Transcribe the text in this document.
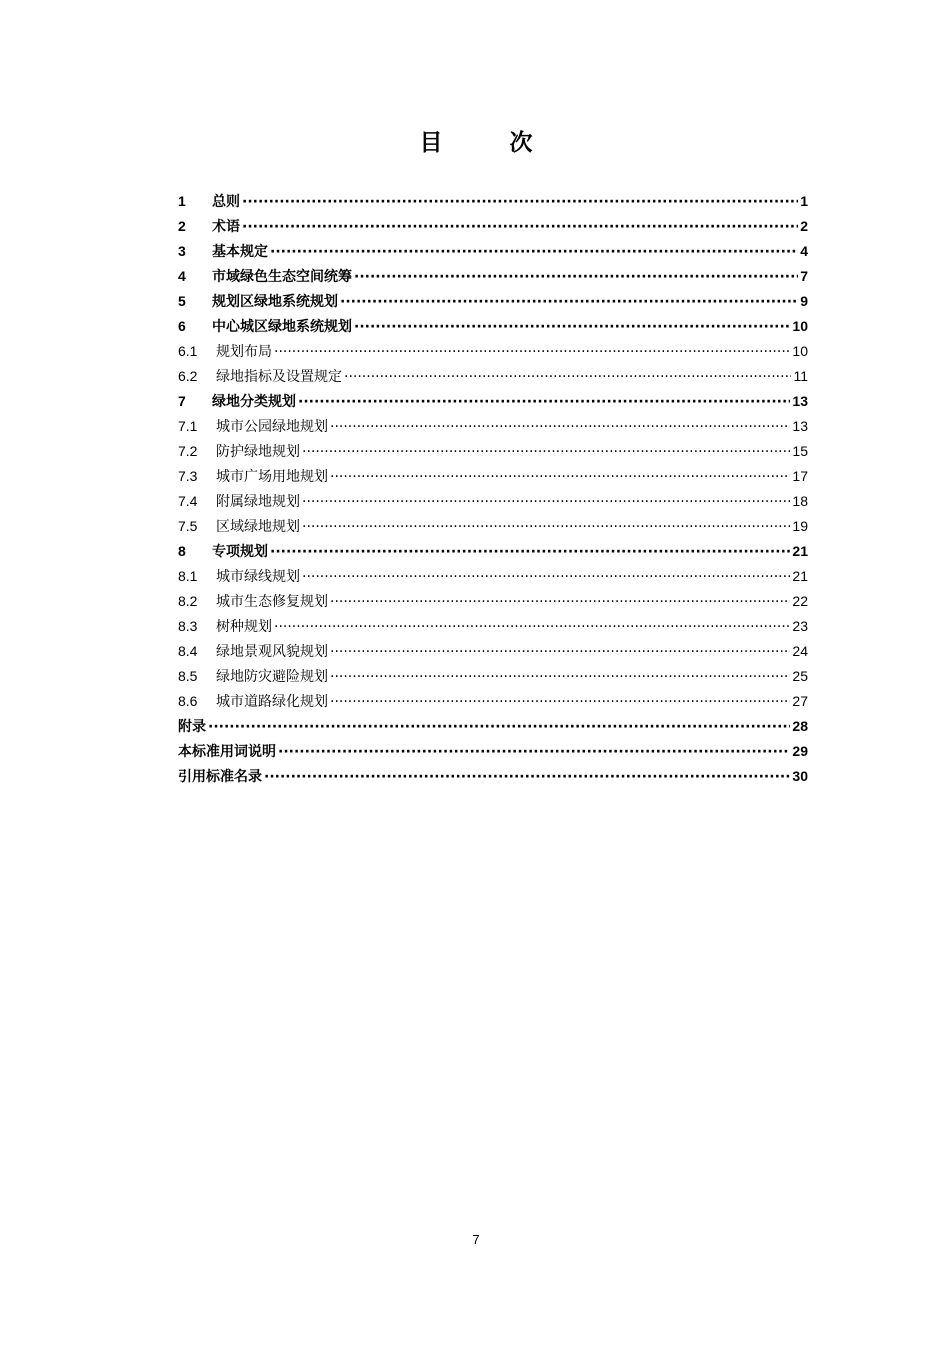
目　次
1	总则 ·····	1
2	术语 ·····	2
3	基本规定 ·····	4
4	市域绿色生态空间统筹 ·····	7
5	规划区绿地系统规划 ·····	9
6	中心城区绿地系统规划 ·····	10
6.1	规划布局 ·····	10
6.2	绿地指标及设置规定 ·····	11
7	绿地分类规划 ·····	13
7.1	城市公园绿地规划 ·····	13
7.2	防护绿地规划 ·····	15
7.3	城市广场用地规划 ·····	17
7.4	附属绿地规划 ·····	18
7.5	区域绿地规划 ·····	19
8	专项规划 ·····	21
8.1	城市绿线规划 ·····	21
8.2	城市生态修复规划 ·····	22
8.3	树种规划 ·····	23
8.4	绿地景观风貌规划 ·····	24
8.5	绿地防灾避险规划 ·····	25
8.6	城市道路绿化规划 ·····	27
附录 ·····	28
本标准用词说明 ·····	29
引用标准名录 ·····	30
7
